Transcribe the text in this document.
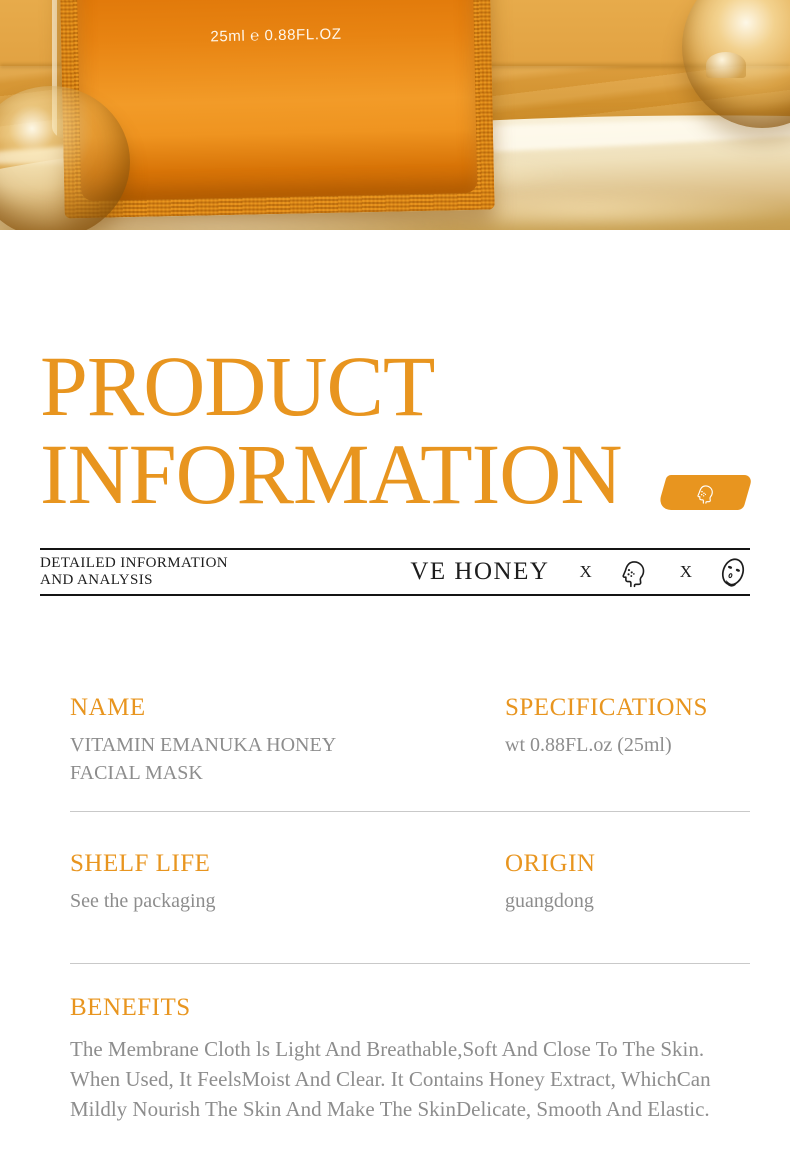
25ml ℮ 0.88FL.OZ
PRODUCT
INFORMATION
DETAILED INFORMATION
AND ANALYSIS	VE HONEY X	X
NAME
VITAMIN EMANUKA HONEY FACIAL MASK
SPECIFICATIONS
wt 0.88FL.oz (25ml)
SHELF LIFE
See the packaging
ORIGIN
guangdong
BENEFITS
The Membrane Cloth ls Light And Breathable,Soft And Close To The Skin. When Used, It FeelsMoist And Clear. It Contains Honey Extract, WhichCan Mildly Nourish The Skin And Make The SkinDelicate, Smooth And Elastic.
